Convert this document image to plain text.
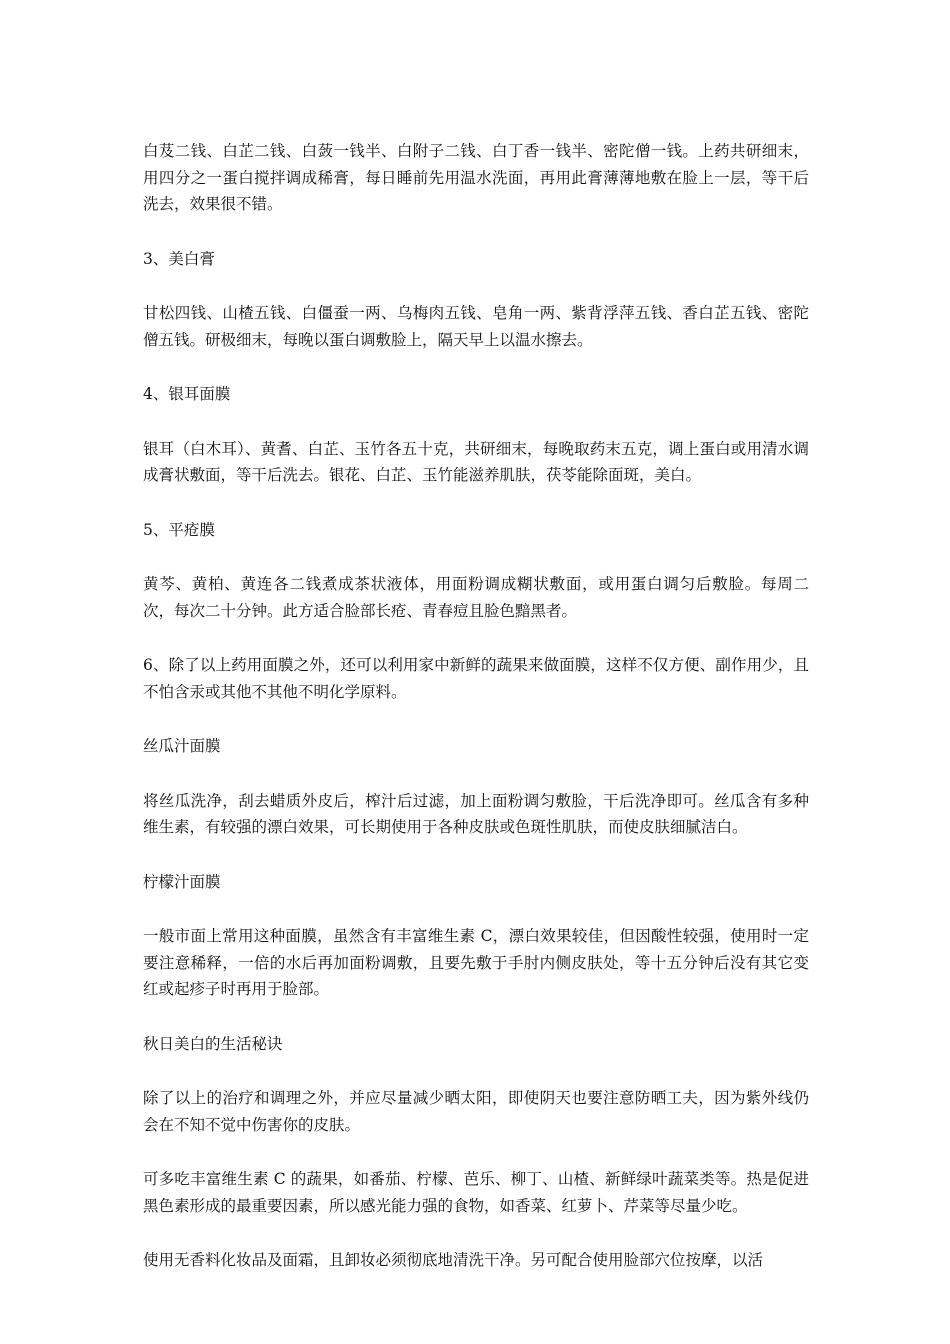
白芨二钱、白芷二钱、白蔹一钱半、白附子二钱、白丁香一钱半、密陀僧一钱。上药共研细末，用四分之一蛋白搅拌调成稀膏，每日睡前先用温水洗面，再用此膏薄薄地敷在脸上一层，等干后洗去，效果很不错。

3、美白膏

甘松四钱、山楂五钱、白僵蚕一两、乌梅肉五钱、皂角一两、紫背浮萍五钱、香白芷五钱、密陀僧五钱。研极细末，每晚以蛋白调敷脸上，隔天早上以温水擦去。

4、银耳面膜

银耳（白木耳）、黄耆、白芷、玉竹各五十克，共研细末，每晚取药末五克，调上蛋白或用清水调成膏状敷面，等干后洗去。银花、白芷、玉竹能滋养肌肤，茯苓能除面斑，美白。

5、平疮膜

黄芩、黄柏、黄连各二钱煮成茶状液体，用面粉调成糊状敷面，或用蛋白调匀后敷脸。每周二次，每次二十分钟。此方适合脸部长疮、青春痘且脸色黯黑者。

6、除了以上药用面膜之外，还可以利用家中新鲜的蔬果来做面膜，这样不仅方便、副作用少，且不怕含汞或其他不其他不明化学原料。

丝瓜汁面膜

将丝瓜洗净，刮去蜡质外皮后，榨汁后过滤，加上面粉调匀敷脸，干后洗净即可。丝瓜含有多种维生素，有较强的漂白效果，可长期使用于各种皮肤或色斑性肌肤，而使皮肤细腻洁白。

柠檬汁面膜

一般市面上常用这种面膜，虽然含有丰富维生素 C，漂白效果较佳，但因酸性较强，使用时一定要注意稀释，一倍的水后再加面粉调敷，且要先敷于手肘内侧皮肤处，等十五分钟后没有其它变红或起疹子时再用于脸部。

秋日美白的生活秘诀

除了以上的治疗和调理之外，并应尽量减少晒太阳，即使阴天也要注意防晒工夫，因为紫外线仍会在不知不觉中伤害你的皮肤。

可多吃丰富维生素 C 的蔬果，如番茄、柠檬、芭乐、柳丁、山楂、新鲜绿叶蔬菜类等。热是促进黑色素形成的最重要因素，所以感光能力强的食物，如香菜、红萝卜、芹菜等尽量少吃。

使用无香料化妆品及面霜，且卸妆必须彻底地清洗干净。另可配合使用脸部穴位按摩，以活
